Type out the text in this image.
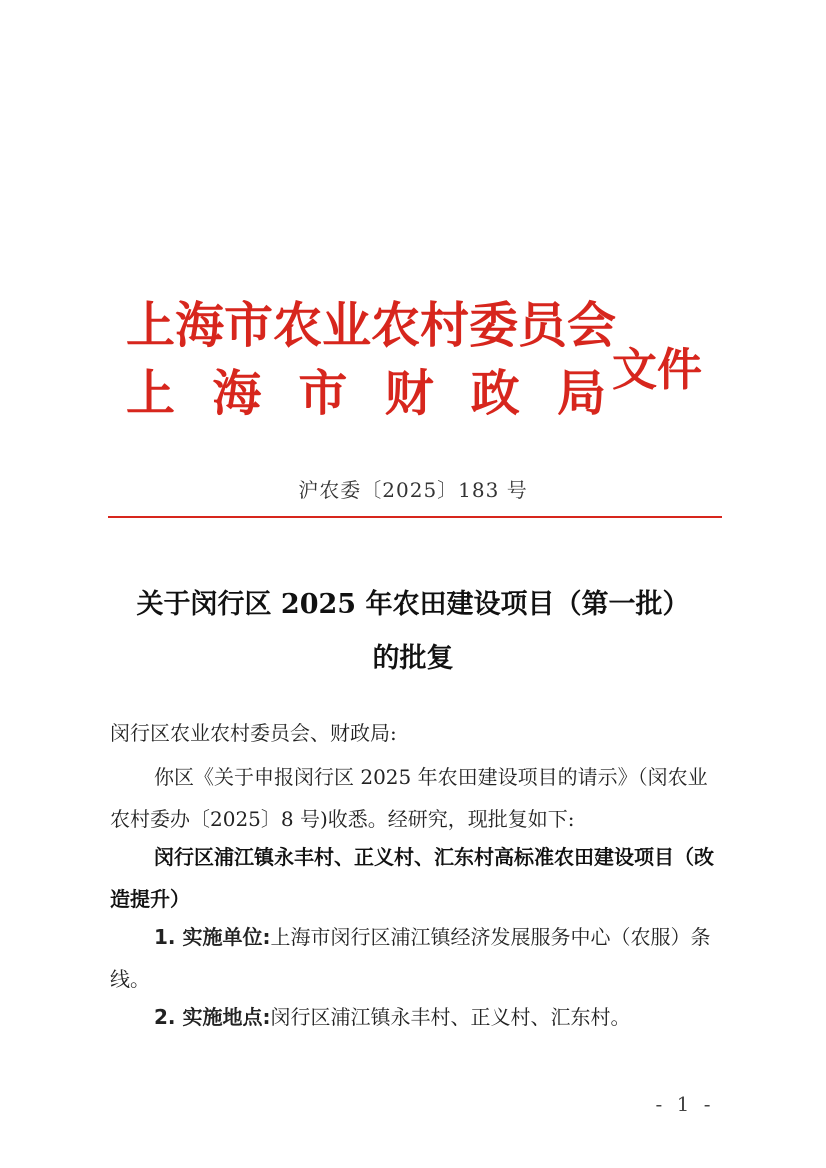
上海市农业农村委员会
上 海 市 财 政 局 文件
沪农委〔2025〕183 号
关于闵行区 2025 年农田建设项目（第一批）
的批复
闵行区农业农村委员会、财政局:
你区《关于申报闵行区 2025 年农田建设项目的请示》（闵农业农村委办〔2025〕8 号)收悉。经研究，现批复如下:
闵行区浦江镇永丰村、正义村、汇东村高标准农田建设项目（改造提升）
1. 实施单位:上海市闵行区浦江镇经济发展服务中心（农服）条线。
2. 实施地点:闵行区浦江镇永丰村、正义村、汇东村。
- 1 -
